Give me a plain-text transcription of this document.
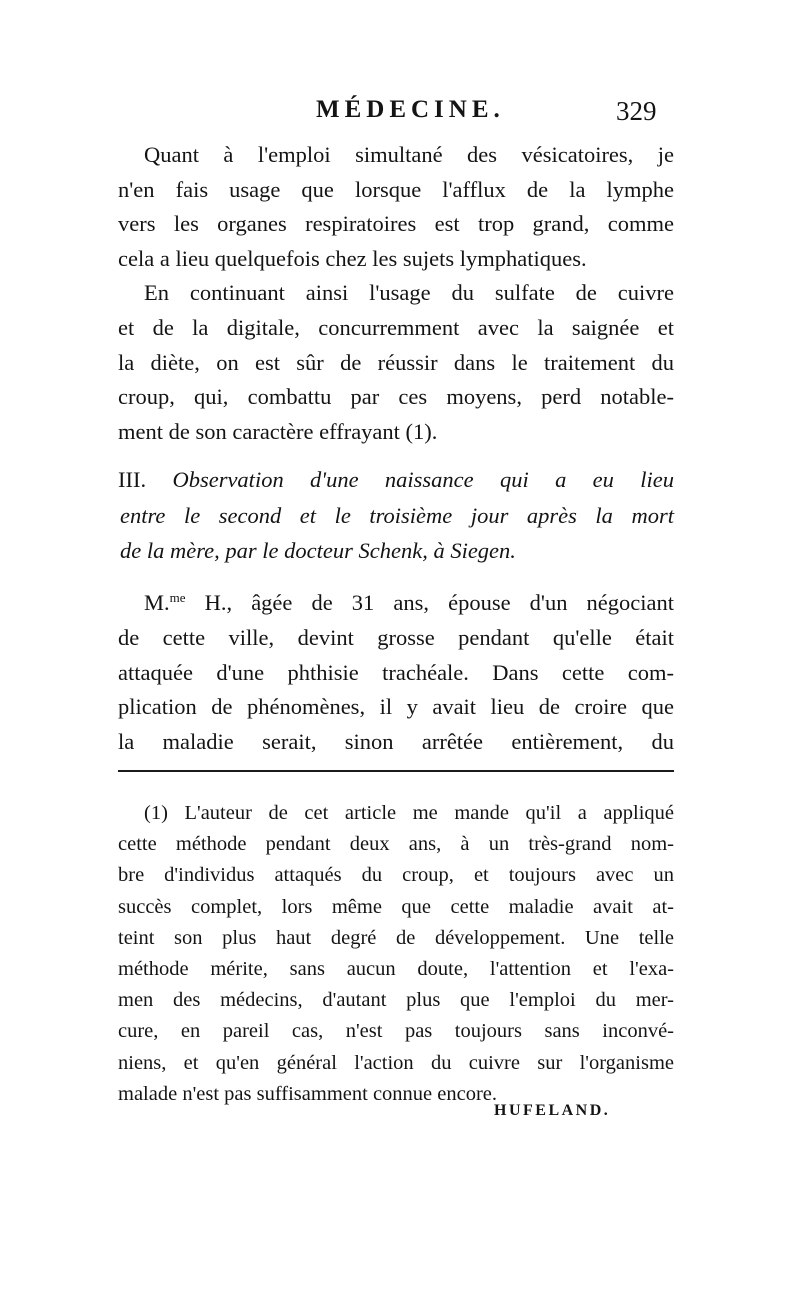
MÉDECINE.	329

Quant à l'emploi simultané des vésicatoires, je

n'en fais usage que lorsque l'afflux de la lymphe

vers les organes respiratoires est trop grand, comme

cela a lieu quelquefois chez les sujets lymphatiques.

En continuant ainsi l'usage du sulfate de cuivre

et de la digitale, concurremment avec la saignée et

la diète, on est sûr de réussir dans le traitement du

croup, qui, combattu par ces moyens, perd notable-

ment de son caractère effrayant (1).

III. Observation d'une naissance qui a eu lieu

entre le second et le troisième jour après la mort

de la mère, par le docteur Schenk, à Siegen.

M.$^{me}$ H., âgée de 31 ans, épouse d'un négociant

de cette ville, devint grosse pendant qu'elle était

attaquée d'une phthisie trachéale. Dans cette com-

plication de phénomènes, il y avait lieu de croire que

la maladie serait, sinon arrêtée entièrement, du

(1) L'auteur de cet article me mande qu'il a appliqué

cette méthode pendant deux ans, à un très-grand nom-

bre d'individus attaqués du croup, et toujours avec un

succès complet, lors même que cette maladie avait at-

teint son plus haut degré de développement. Une telle

méthode mérite, sans aucun doute, l'attention et l'exa-

men des médecins, d'autant plus que l'emploi du mer-

cure, en pareil cas, n'est pas toujours sans inconvé-

niens, et qu'en général l'action du cuivre sur l'organisme

malade n'est pas suffisamment connue encore.

HUFELAND.
